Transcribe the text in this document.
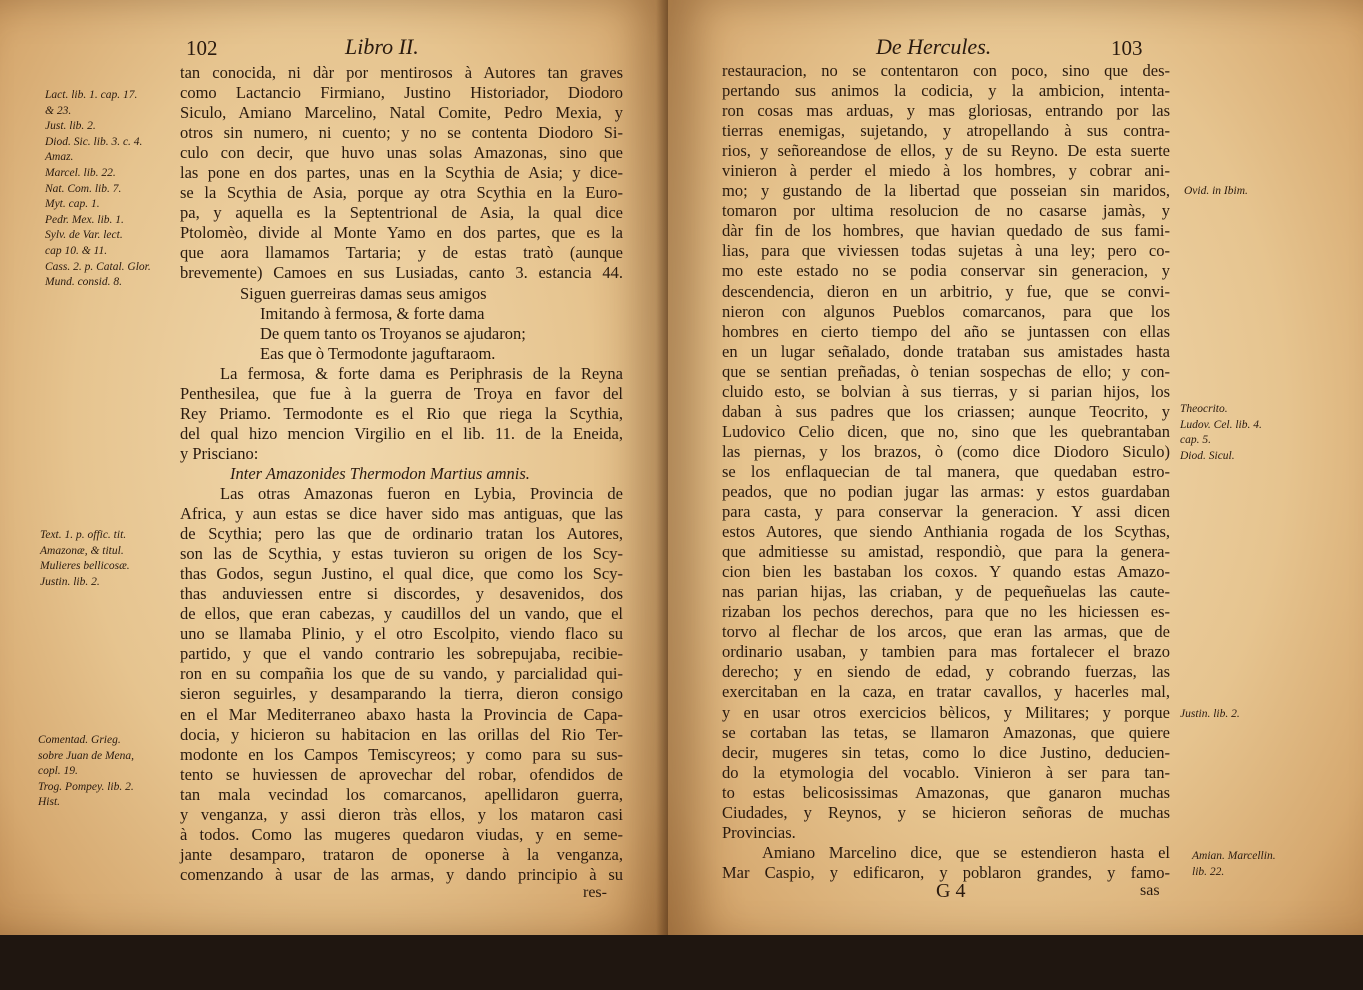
102	Libro II.
Lact. lib. 1. cap. 17.
& 23.
Just. lib. 2.
Diod. Sic. lib. 3. c. 4.
Amaz.
Marcel. lib. 22.
Nat. Com. lib. 7.
Myt. cap. 1.
Pedr. Mex. lib. 1.
Sylv. de Var. lect.
cap 10. & 11.
Cass. 2. p. Catal. Glor.
Mund. consid. 8.
Text. 1. p. offic. tit.
Amazonæ, & titul.
Mulieres bellicosæ.
Justin. lib. 2.
Comentad. Grieg.
sobre Juan de Mena,
copl. 19.
Trog. Pompey. lib. 2.
Hist.
tan conocida, ni dàr por mentirosos à Autores tan graves
como Lactancio Firmiano, Justino Historiador, Diodoro
Siculo, Amiano Marcelino, Natal Comite, Pedro Mexia, y
otros sin numero, ni cuento; y no se contenta Diodoro Si-
culo con decir, que huvo unas solas Amazonas, sino que
las pone en dos partes, unas en la Scythia de Asia; y dice-
se la Scythia de Asia, porque ay otra Scythia en la Euro-
pa, y aquella es la Septentrional de Asia, la qual dice
Ptolomèo, divide al Monte Yamo en dos partes, que es la
que aora llamamos Tartaria; y de estas tratò (aunque
brevemente) Camoes en sus Lusiadas, canto 3. estancia 44.
Siguen guerreiras damas seus amigos
Imitando à fermosa, & forte dama
De quem tanto os Troyanos se ajudaron;
Eas que ò Termodonte jaguftaraom.
La fermosa, & forte dama es Periphrasis de la Reyna
Penthesilea, que fue à la guerra de Troya en favor del
Rey Priamo. Termodonte es el Rio que riega la Scythia,
del qual hizo mencion Virgilio en el lib. 11. de la Eneida,
y Prisciano:
Inter Amazonides Thermodon Martius amnis.
Las otras Amazonas fueron en Lybia, Provincia de
Africa, y aun estas se dice haver sido mas antiguas, que las
de Scythia; pero las que de ordinario tratan los Autores,
son las de Scythia, y estas tuvieron su origen de los Scy-
thas Godos, segun Justino, el qual dice, que como los Scy-
thas anduviessen entre si discordes, y desavenidos, dos
de ellos, que eran cabezas, y caudillos del un vando, que el
uno se llamaba Plinio, y el otro Escolpito, viendo flaco su
partido, y que el vando contrario les sobrepujaba, recibie-
ron en su compañia los que de su vando, y parcialidad qui-
sieron seguirles, y desamparando la tierra, dieron consigo
en el Mar Mediterraneo abaxo hasta la Provincia de Capa-
docia, y hicieron su habitacion en las orillas del Rio Ter-
modonte en los Campos Temiscyreos; y como para su sus-
tento se huviessen de aprovechar del robar, ofendidos de
tan mala vecindad los comarcanos, apellidaron guerra,
y venganza, y assi dieron tràs ellos, y los mataron casi
à todos. Como las mugeres quedaron viudas, y en seme-
jante desamparo, trataron de oponerse à la venganza,
comenzando à usar de las armas, y dando principio à su
res-
De Hercules.	103
Ovid. in Ibim.
Theocrito.
Ludov. Cel. lib. 4.
cap. 5.
Diod. Sicul.
Justin. lib. 2.
Amian. Marcellin.
lib. 22.
restauracion, no se contentaron con poco, sino que des-
pertando sus animos la codicia, y la ambicion, intenta-
ron cosas mas arduas, y mas gloriosas, entrando por las
tierras enemigas, sujetando, y atropellando à sus contra-
rios, y señoreandose de ellos, y de su Reyno. De esta suerte
vinieron à perder el miedo à los hombres, y cobrar ani-
mo; y gustando de la libertad que posseian sin maridos,
tomaron por ultima resolucion de no casarse jamàs, y
dàr fin de los hombres, que havian quedado de sus fami-
lias, para que viviessen todas sujetas à una ley; pero co-
mo este estado no se podia conservar sin generacion, y
descendencia, dieron en un arbitrio, y fue, que se convi-
nieron con algunos Pueblos comarcanos, para que los
hombres en cierto tiempo del año se juntassen con ellas
en un lugar señalado, donde trataban sus amistades hasta
que se sentian preñadas, ò tenian sospechas de ello; y con-
cluido esto, se bolvian à sus tierras, y si parian hijos, los
daban à sus padres que los criassen; aunque Teocrito, y
Ludovico Celio dicen, que no, sino que les quebrantaban
las piernas, y los brazos, ò (como dice Diodoro Siculo)
se los enflaquecian de tal manera, que quedaban estro-
peados, que no podian jugar las armas: y estos guardaban
para casta, y para conservar la generacion. Y assi dicen
estos Autores, que siendo Anthiania rogada de los Scythas,
que admitiesse su amistad, respondiò, que para la genera-
cion bien les bastaban los coxos. Y quando estas Amazo-
nas parian hijas, las criaban, y de pequeñuelas las caute-
rizaban los pechos derechos, para que no les hiciessen es-
torvo al flechar de los arcos, que eran las armas, que de
ordinario usaban, y tambien para mas fortalecer el brazo
derecho; y en siendo de edad, y cobrando fuerzas, las
exercitaban en la caza, en tratar cavallos, y hacerles mal,
y en usar otros exercicios bèlicos, y Militares; y porque
se cortaban las tetas, se llamaron Amazonas, que quiere
decir, mugeres sin tetas, como lo dice Justino, deducien-
do la etymologia del vocablo. Vinieron à ser para tan-
to estas belicosissimas Amazonas, que ganaron muchas
Ciudades, y Reynos, y se hicieron señoras de muchas
Provincias.
Amiano Marcelino dice, que se estendieron hasta el
Mar Caspio, y edificaron, y poblaron grandes, y famo-
G 4	sas
